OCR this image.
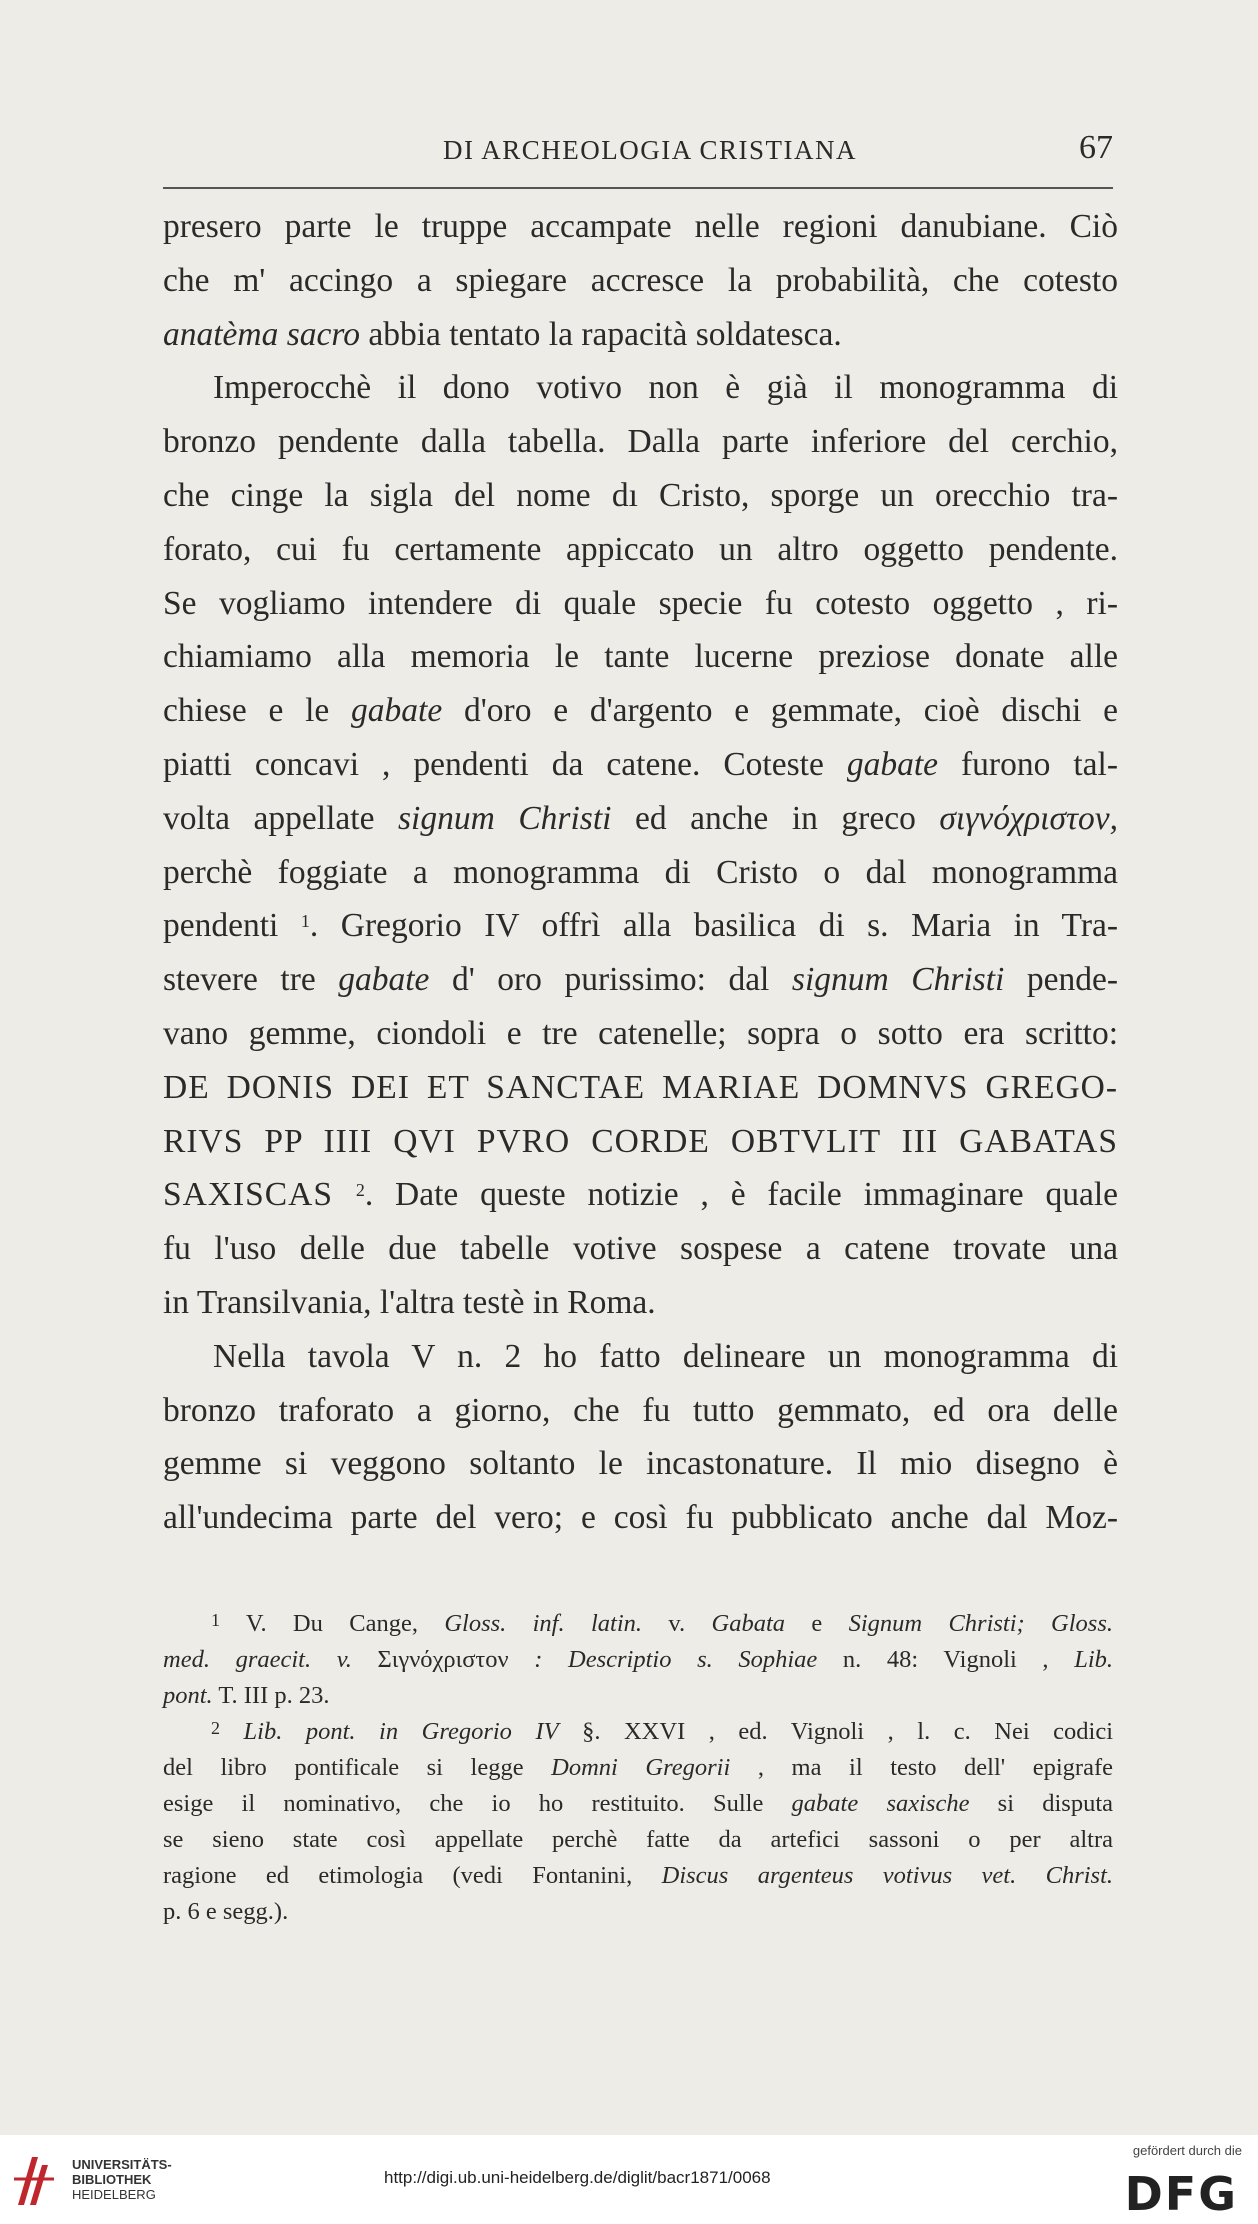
DI ARCHEOLOGIA CRISTIANA	67

presero parte le truppe accampate nelle regioni danubiane. Ciò
che m' accingo a spiegare accresce la probabilità, che cotesto
anatèma sacro abbia tentato la rapacità soldatesca.

Imperocchè il dono votivo non è già il monogramma di
bronzo pendente dalla tabella. Dalla parte inferiore del cerchio,
che cinge la sigla del nome dı Cristo, sporge un orecchio tra-
forato, cui fu certamente appiccato un altro oggetto pendente.
Se vogliamo intendere di quale specie fu cotesto oggetto , ri-
chiamiamo alla memoria le tante lucerne preziose donate alle
chiese e le gabate d'oro e d'argento e gemmate, cioè dischi e
piatti concavi , pendenti da catene. Coteste gabate furono tal-
volta appellate signum Christi ed anche in greco σιγνόχριστον,
perchè foggiate a monogramma di Cristo o dal monogramma
pendenti $^1$. Gregorio IV offrì alla basilica di s. Maria in Tra-
stevere tre gabate d' oro purissimo: dal signum Christi pende-
vano gemme, ciondoli e tre catenelle; sopra o sotto era scritto:
DE DONIS DEI ET SANCTAE MARIAE DOMNVS GREGO-
RIVS PP IIII QVI PVRO CORDE OBTVLIT III GABATAS
SAXISCAS $^2$. Date queste notizie , è facile immaginare quale
fu l'uso delle due tabelle votive sospese a catene trovate una
in Transilvania, l'altra testè in Roma.

Nella tavola V n. 2 ho fatto delineare un monogramma di
bronzo traforato a giorno, che fu tutto gemmato, ed ora delle
gemme si veggono soltanto le incastonature. Il mio disegno è
all'undecima parte del vero; e così fu pubblicato anche dal Moz-

$^1$ V. Du Cange, Gloss. inf. latin. v. Gabata e Signum Christi; Gloss.
med. graecit. v. Σιγνόχριστον : Descriptio s. Sophiae n. 48: Vignoli , Lib.
pont. T. III p. 23.
$^2$ Lib. pont. in Gregorio IV §. XXVI , ed. Vignoli , l. c. Nei codici
del libro pontificale si legge Domni Gregorii , ma il testo dell' epigrafe
esige il nominativo, che io ho restituito. Sulle gabate saxische si disputa
se sieno state così appellate perchè fatte da artefici sassoni o per altra
ragione ed etimologia (vedi Fontanini, Discus argenteus votivus vet. Christ.
p. 6 e segg.).
UNIVERSITÄTS-
BIBLIOTHEK
HEIDELBERG
http://digi.ub.uni-heidelberg.de/diglit/bacr1871/0068
gefördert durch die
DFG
